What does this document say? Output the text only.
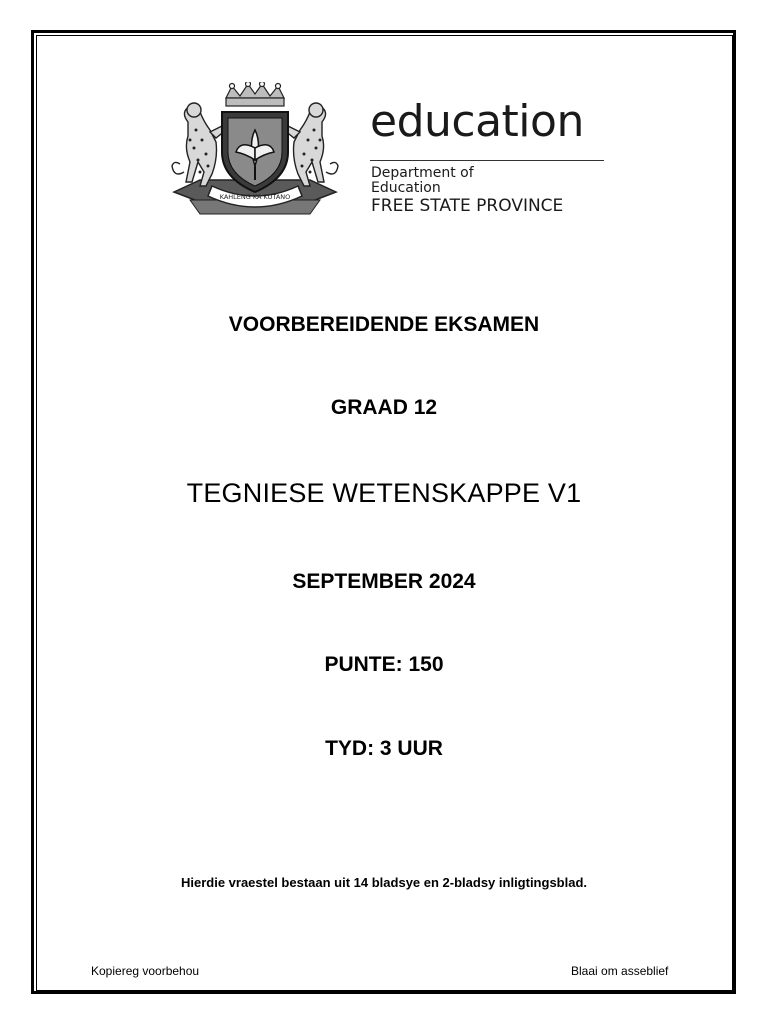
KAHLENG KA KUTANO
education
Department of
Education
FREE STATE PROVINCE
VOORBEREIDENDE EKSAMEN
GRAAD 12
TEGNIESE WETENSKAPPE V1
SEPTEMBER 2024
PUNTE: 150
TYD: 3 UUR
Hierdie vraestel bestaan uit 14 bladsye en 2-bladsy inligtingsblad.
Kopiereg voorbehou	Blaai om asseblief
